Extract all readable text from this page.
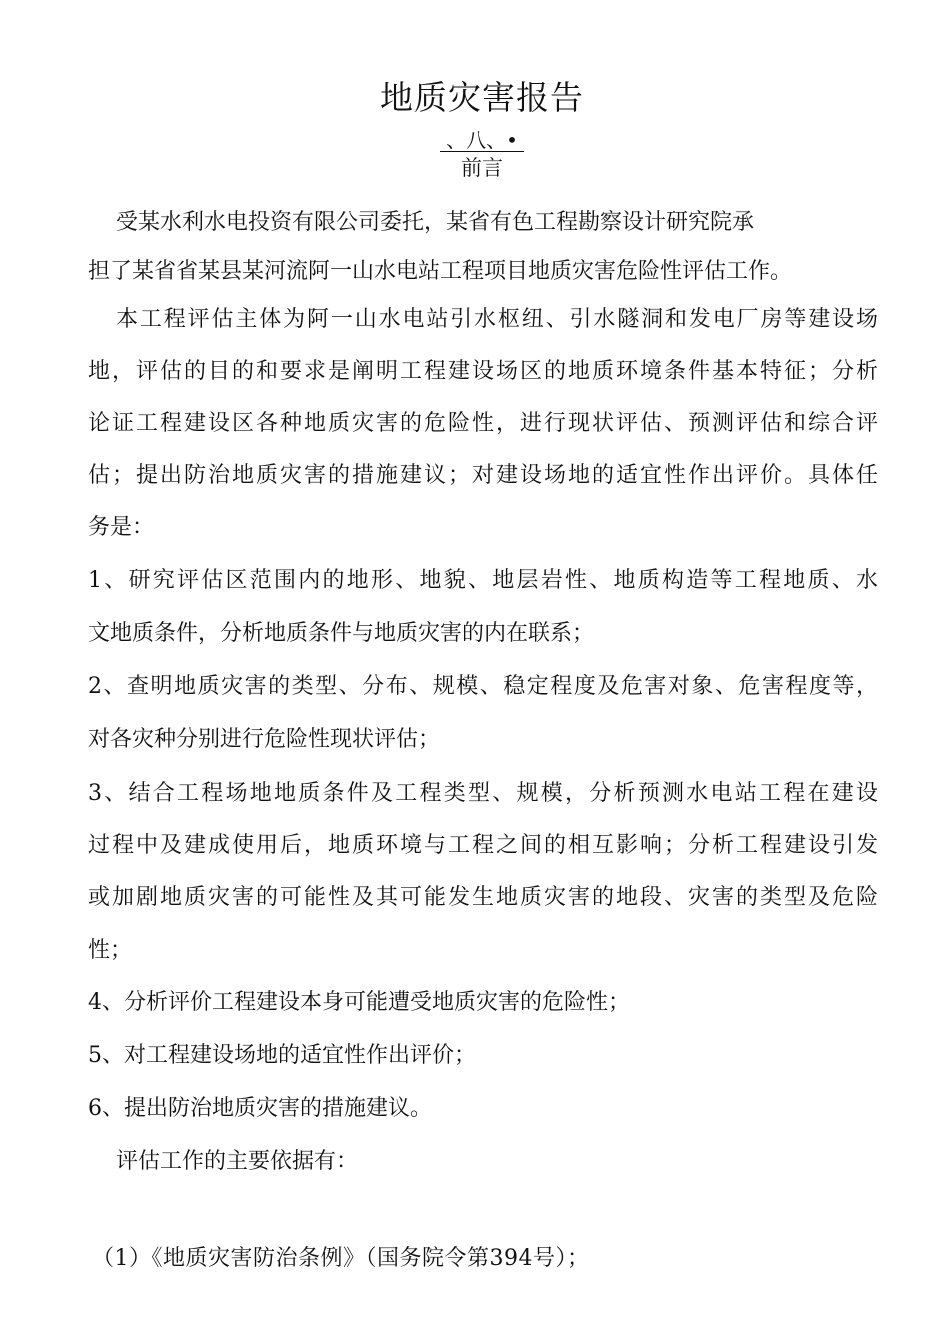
地质灾害报告
、八、•
前言

受某水利水电投资有限公司委托，某省有色工程勘察设计研究院承

担了某省省某县某河流阿一山水电站工程项目地质灾害危险性评估工作。

本工程评估主体为阿一山水电站引水枢纽、引水隧洞和发电厂房等建设场

地，评估的目的和要求是阐明工程建设场区的地质环境条件基本特征；分析

论证工程建设区各种地质灾害的危险性，进行现状评估、预测评估和综合评

估；提出防治地质灾害的措施建议；对建设场地的适宜性作出评价。具体任

务是：

1、研究评估区范围内的地形、地貌、地层岩性、地质构造等工程地质、水

文地质条件，分析地质条件与地质灾害的内在联系；

2、查明地质灾害的类型、分布、规模、稳定程度及危害对象、危害程度等，

对各灾种分别进行危险性现状评估；

3、结合工程场地地质条件及工程类型、规模，分析预测水电站工程在建设

过程中及建成使用后，地质环境与工程之间的相互影响；分析工程建设引发

或加剧地质灾害的可能性及其可能发生地质灾害的地段、灾害的类型及危险

性；

4、分析评价工程建设本身可能遭受地质灾害的危险性；

5、对工程建设场地的适宜性作出评价；

6、提出防治地质灾害的措施建议。

评估工作的主要依据有：

（1）《地质灾害防治条例》（国务院令第394号）；
